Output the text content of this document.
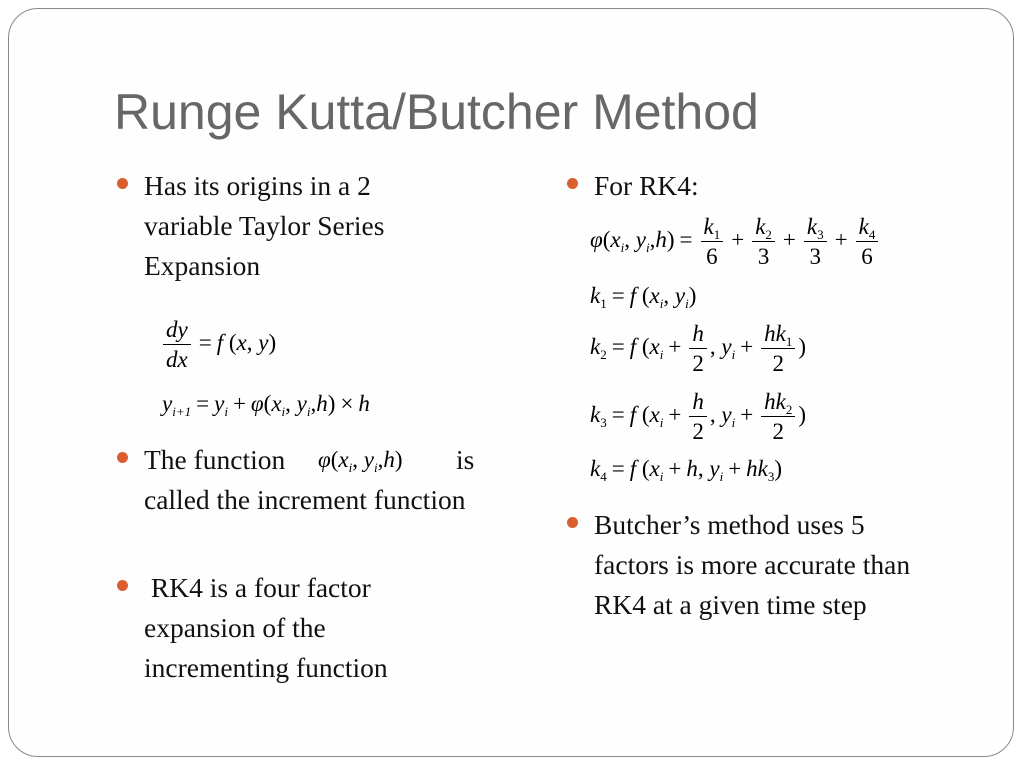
Runge Kutta/Butcher Method
Has its origins in a 2 variable Taylor Series Expansion
$\frac{dy}{dx} = f$ (x, y)
$y_{i+1} = y_i + \varphi(x_i$, $y_i,h) \times h$
The function	$\varphi(x_i$, $y_i,h$)	is called the increment function
RK4 is a four factor expansion of the incrementing function
For RK4:
$\varphi(x_i$, $y_i,h) = \frac{k_1}{6} + \frac{k_2}{3} + \frac{k_3}{3} + \frac{k_4}{6}$
$k_1 = f$ ($x_i$, $y_i$)
$k_2 = f$ ($x_i + \frac{h}{2}$ , $y_i + \frac{hk_1}{2}$ )
$k_3 = f$ ($x_i + \frac{h}{2}$ , $y_i + \frac{hk_2}{2}$ )
$k_4 = f$ ($x_i + h$, $y_i + hk_3$)
Butcher’s method uses 5 factors is more accurate than RK4 at a given time step
